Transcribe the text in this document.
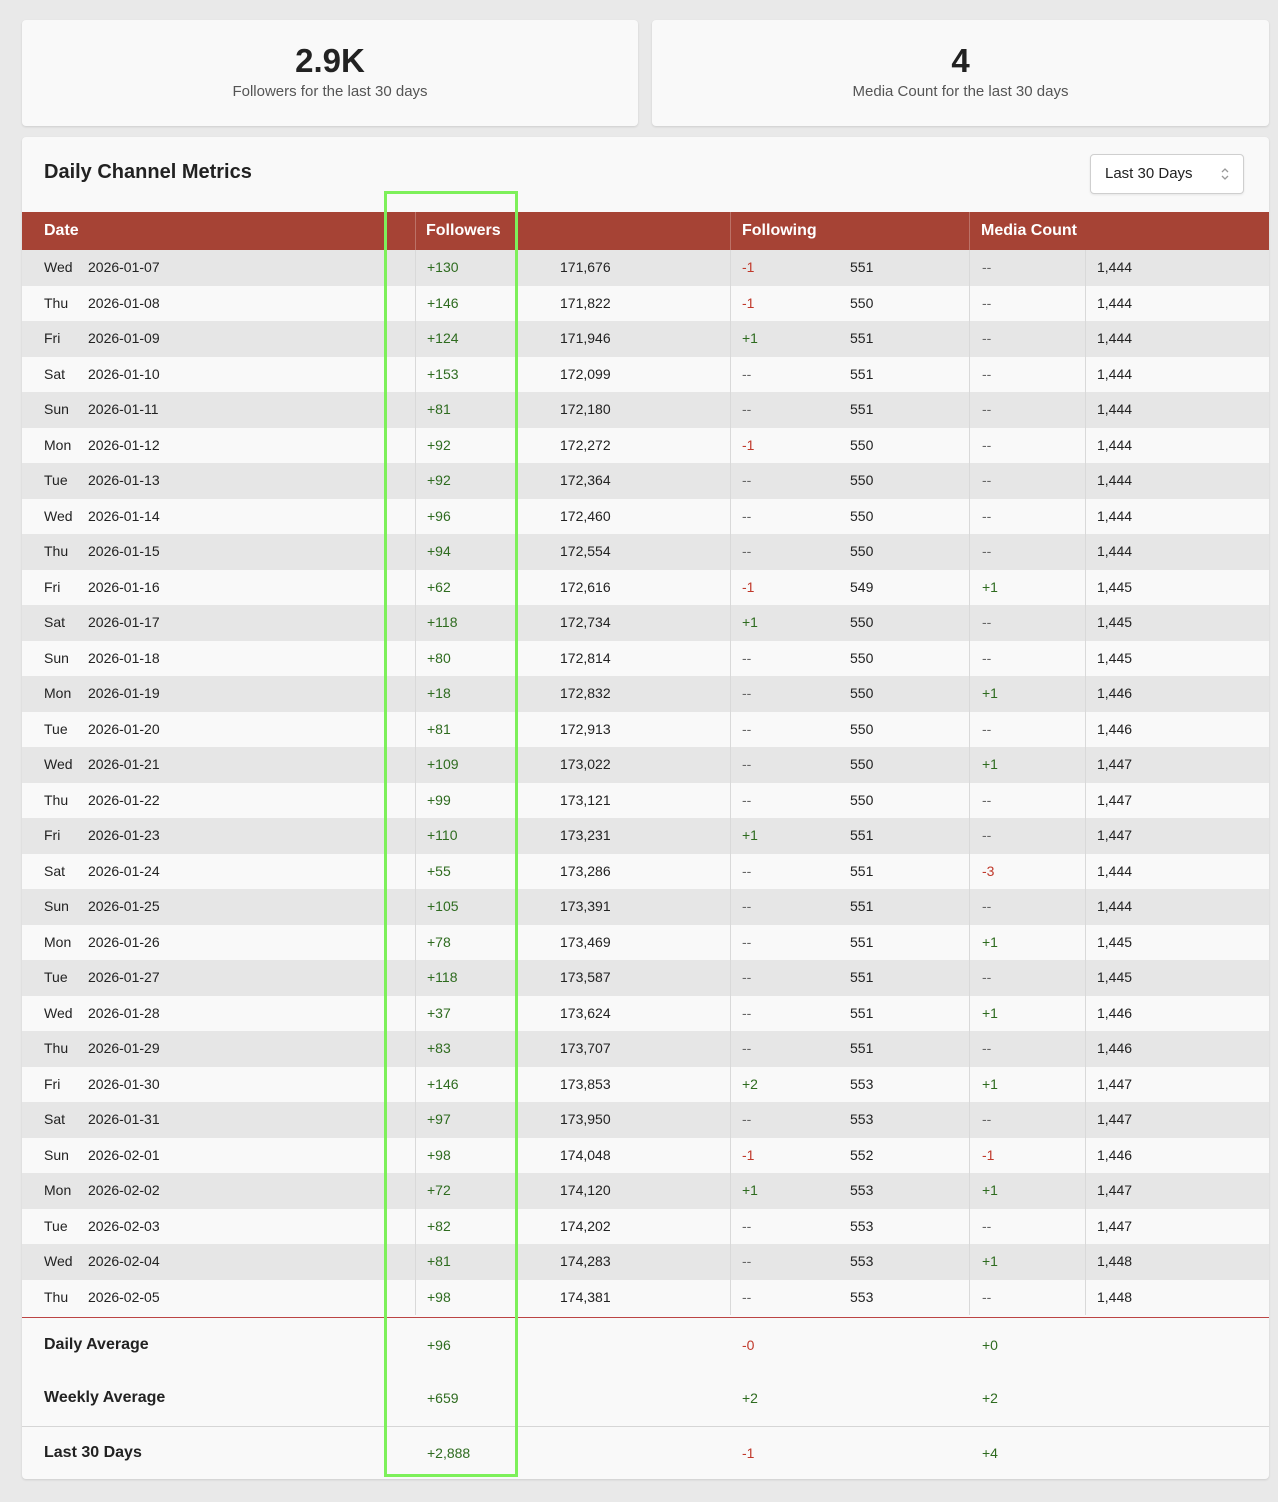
2.9K
Followers for the last 30 days
4
Media Count for the last 30 days
Daily Channel Metrics	Last 30 Days
Date	Followers	Following	Media Count
Wed 2026-01-07	+130	171,676	-1	551	--	1,444
Thu 2026-01-08	+146	171,822	-1	550	--	1,444
Fri 2026-01-09	+124	171,946	+1	551	--	1,444
Sat 2026-01-10	+153	172,099	--	551	--	1,444
Sun 2026-01-11	+81	172,180	--	551	--	1,444
Mon 2026-01-12	+92	172,272	-1	550	--	1,444
Tue 2026-01-13	+92	172,364	--	550	--	1,444
Wed 2026-01-14	+96	172,460	--	550	--	1,444
Thu 2026-01-15	+94	172,554	--	550	--	1,444
Fri 2026-01-16	+62	172,616	-1	549	+1	1,445
Sat 2026-01-17	+118	172,734	+1	550	--	1,445
Sun 2026-01-18	+80	172,814	--	550	--	1,445
Mon 2026-01-19	+18	172,832	--	550	+1	1,446
Tue 2026-01-20	+81	172,913	--	550	--	1,446
Wed 2026-01-21	+109	173,022	--	550	+1	1,447
Thu 2026-01-22	+99	173,121	--	550	--	1,447
Fri 2026-01-23	+110	173,231	+1	551	--	1,447
Sat 2026-01-24	+55	173,286	--	551	-3	1,444
Sun 2026-01-25	+105	173,391	--	551	--	1,444
Mon 2026-01-26	+78	173,469	--	551	+1	1,445
Tue 2026-01-27	+118	173,587	--	551	--	1,445
Wed 2026-01-28	+37	173,624	--	551	+1	1,446
Thu 2026-01-29	+83	173,707	--	551	--	1,446
Fri 2026-01-30	+146	173,853	+2	553	+1	1,447
Sat 2026-01-31	+97	173,950	--	553	--	1,447
Sun 2026-02-01	+98	174,048	-1	552	-1	1,446
Mon 2026-02-02	+72	174,120	+1	553	+1	1,447
Tue 2026-02-03	+82	174,202	--	553	--	1,447
Wed 2026-02-04	+81	174,283	--	553	+1	1,448
Thu 2026-02-05	+98	174,381	--	553	--	1,448
Daily Average	+96	-0	+0
Weekly Average	+659	+2	+2
Last 30 Days	+2,888	-1	+4
